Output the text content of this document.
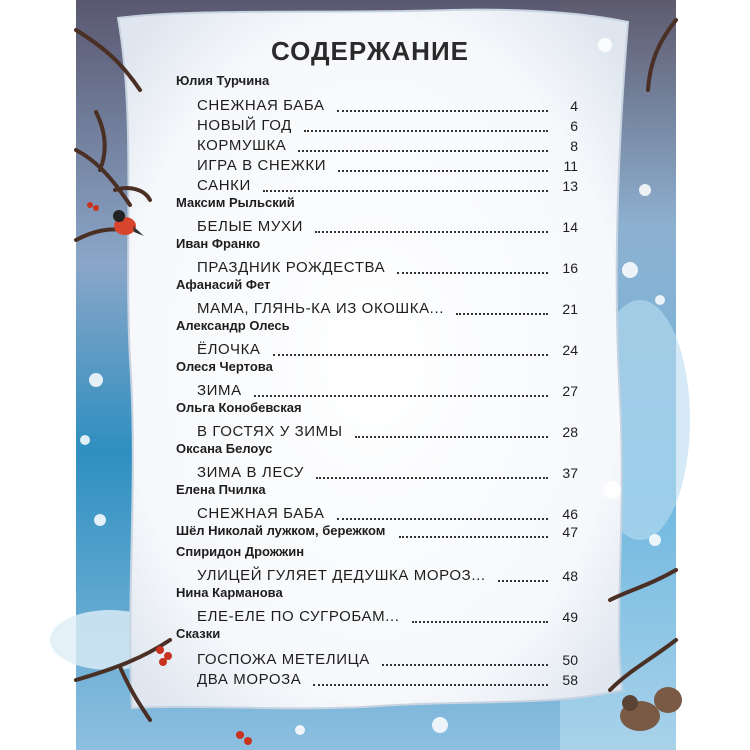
СОДЕРЖАНИЕ
Юлия Турчина
СНЕЖНАЯ БАБА	4
НОВЫЙ ГОД	6
КОРМУШКА	8
ИГРА В СНЕЖКИ	11
САНКИ	13
Максим Рыльский
БЕЛЫЕ МУХИ	14
Иван Франко
ПРАЗДНИК РОЖДЕСТВА	16
Афанасий Фет
МАМА, ГЛЯНЬ-КА ИЗ ОКОШКА...	21
Александр Олесь
ЁЛОЧКА	24
Олеся Чертова
ЗИМА	27
Ольга Конобевская
В ГОСТЯХ У ЗИМЫ	28
Оксана Белоус
ЗИМА В ЛЕСУ	37
Елена Пчилка
СНЕЖНАЯ БАБА	46
Шёл Николай лужком, бережком	47
Спиридон Дрожжин
УЛИЦЕЙ ГУЛЯЕТ ДЕДУШКА МОРОЗ...	48
Нина Карманова
ЕЛЕ-ЕЛЕ ПО СУГРОБАМ...	49
Сказки
ГОСПОЖА МЕТЕЛИЦА	50
ДВА МОРОЗА	58
